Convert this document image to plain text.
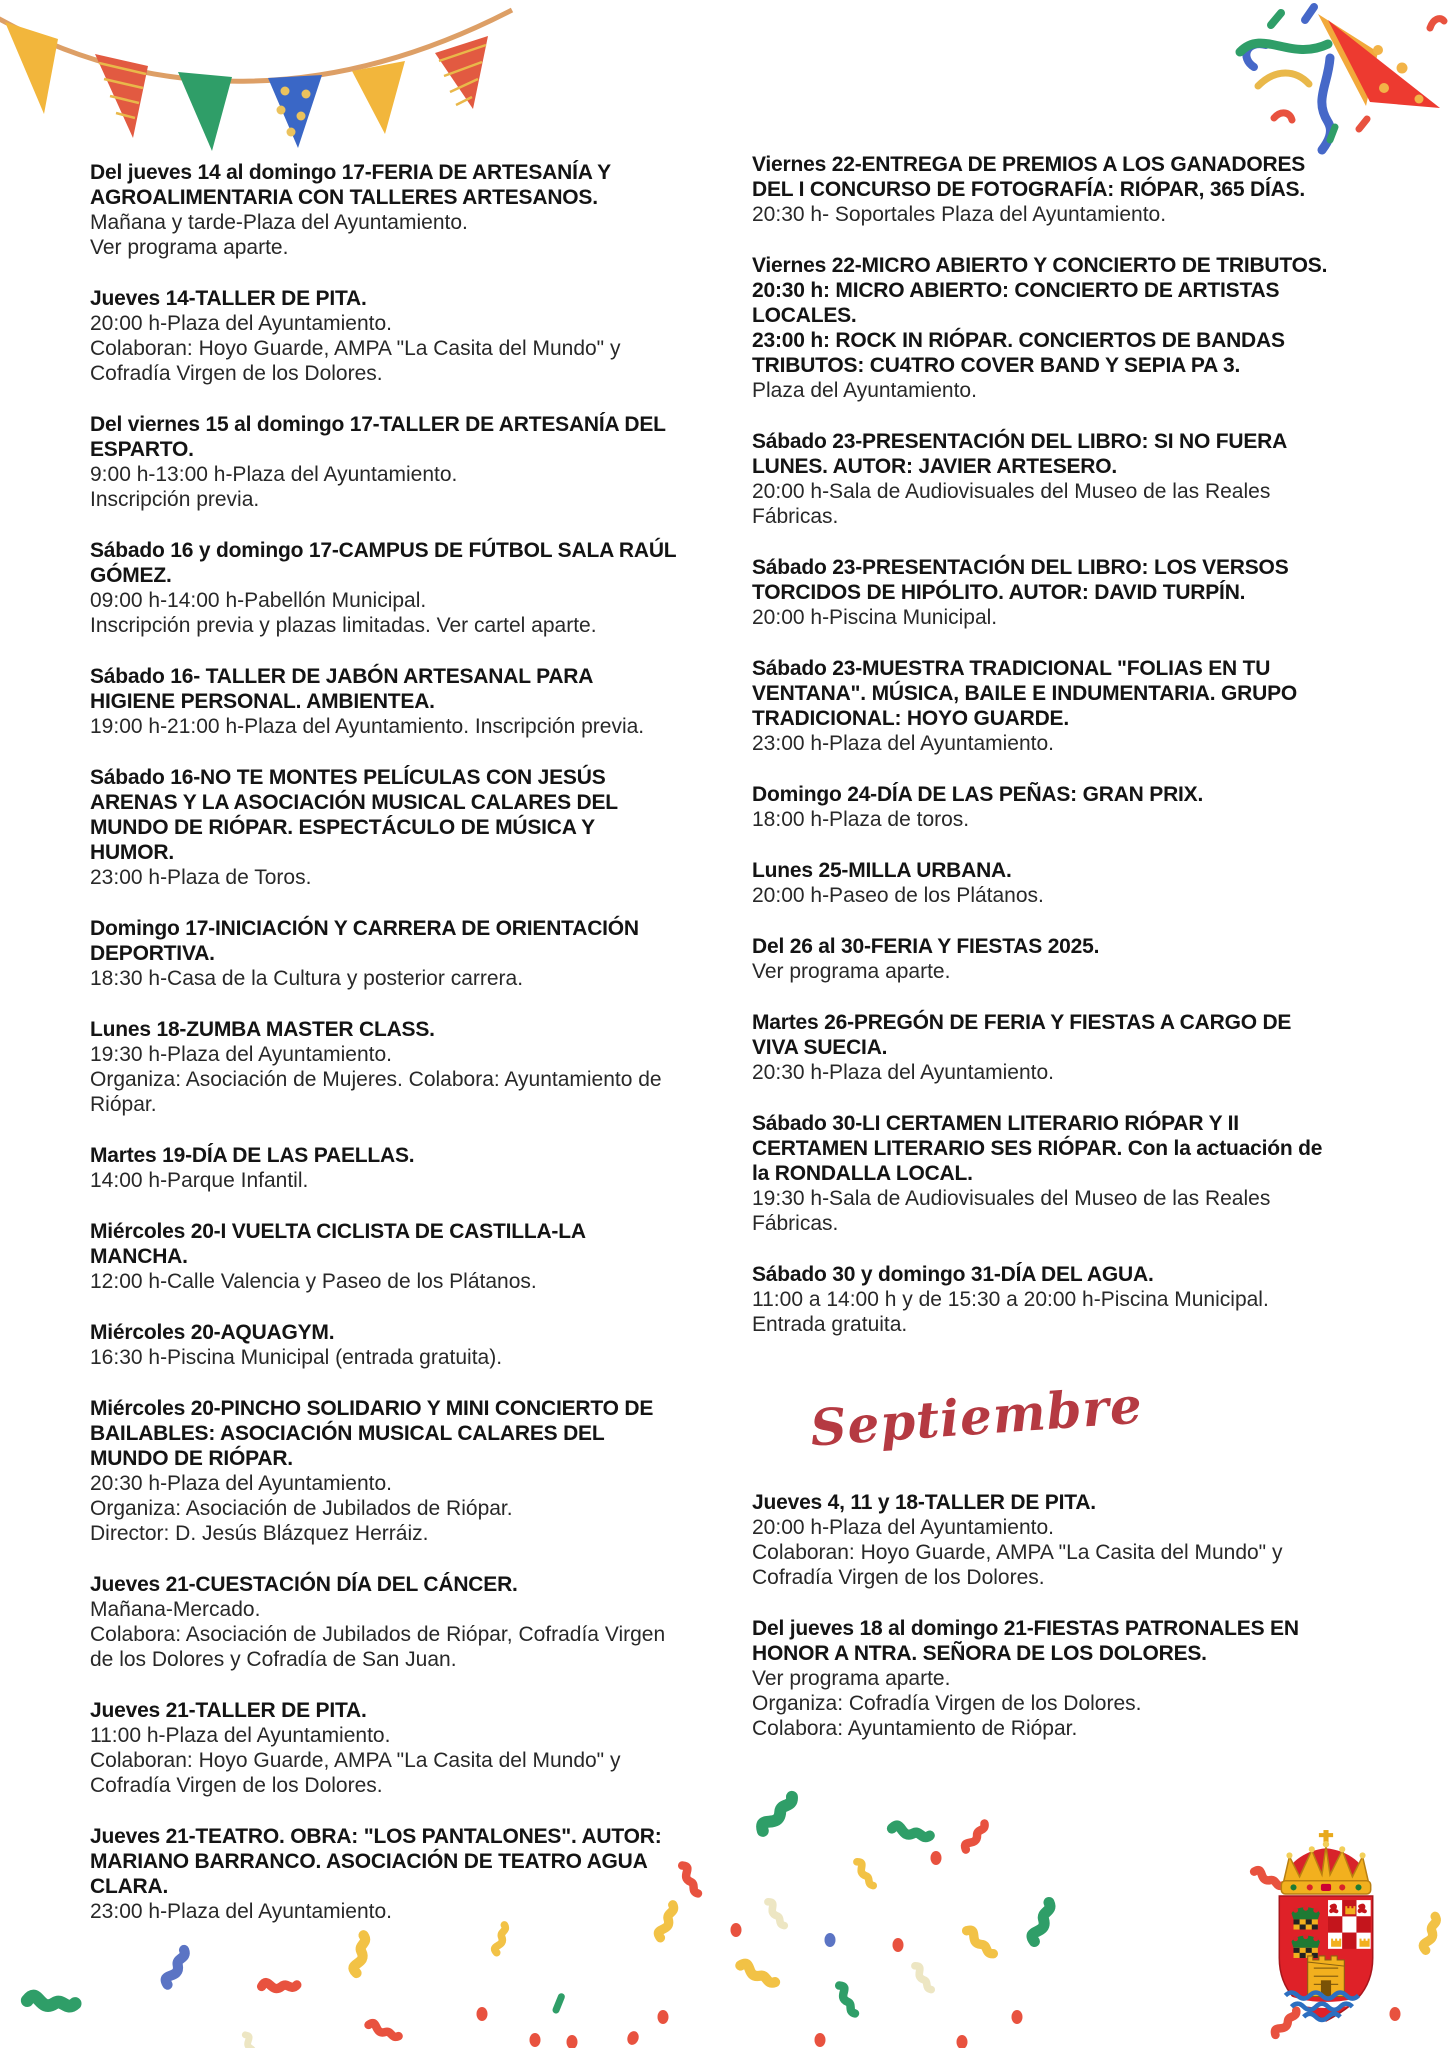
Del jueves 14 al domingo 17-FERIA DE ARTESANÍA Y AGROALIMENTARIA CON TALLERES ARTESANOS.

Mañana y tarde-Plaza del Ayuntamiento.

Ver programa aparte.

Jueves 14-TALLER DE PITA.

20:00 h-Plaza del Ayuntamiento.

Colaboran: Hoyo Guarde, AMPA "La Casita del Mundo" y Cofradía Virgen de los Dolores.

Del viernes 15 al domingo 17-TALLER DE ARTESANÍA DEL ESPARTO.

9:00 h-13:00 h-Plaza del Ayuntamiento.

Inscripción previa.

Sábado 16 y domingo 17-CAMPUS DE FÚTBOL SALA RAÚL GÓMEZ.

09:00 h-14:00 h-Pabellón Municipal.

Inscripción previa y plazas limitadas. Ver cartel aparte.

Sábado 16- TALLER DE JABÓN ARTESANAL PARA HIGIENE PERSONAL. AMBIENTEA.

19:00 h-21:00 h-Plaza del Ayuntamiento. Inscripción previa.

Sábado 16-NO TE MONTES PELÍCULAS CON JESÚS ARENAS Y LA ASOCIACIÓN MUSICAL CALARES DEL MUNDO DE RIÓPAR. ESPECTÁCULO DE MÚSICA Y HUMOR.

23:00 h-Plaza de Toros.

Domingo 17-INICIACIÓN Y CARRERA DE ORIENTACIÓN DEPORTIVA.

18:30 h-Casa de la Cultura y posterior carrera.

Lunes 18-ZUMBA MASTER CLASS.

19:30 h-Plaza del Ayuntamiento.

Organiza: Asociación de Mujeres. Colabora: Ayuntamiento de Riópar.

Martes 19-DÍA DE LAS PAELLAS.

14:00 h-Parque Infantil.

Miércoles 20-I VUELTA CICLISTA DE CASTILLA-LA MANCHA.

12:00 h-Calle Valencia y Paseo de los Plátanos.

Miércoles 20-AQUAGYM.

16:30 h-Piscina Municipal (entrada gratuita).

Miércoles 20-PINCHO SOLIDARIO Y MINI CONCIERTO DE BAILABLES: ASOCIACIÓN MUSICAL CALARES DEL MUNDO DE RIÓPAR.

20:30 h-Plaza del Ayuntamiento.

Organiza: Asociación de Jubilados de Riópar.

Director: D. Jesús Blázquez Herráiz.

Jueves 21-CUESTACIÓN DÍA DEL CÁNCER.

Mañana-Mercado.

Colabora: Asociación de Jubilados de Riópar, Cofradía Virgen de los Dolores y Cofradía de San Juan.

Jueves 21-TALLER DE PITA.

11:00 h-Plaza del Ayuntamiento.

Colaboran: Hoyo Guarde, AMPA "La Casita del Mundo" y Cofradía Virgen de los Dolores.

Jueves 21-TEATRO. OBRA: "LOS PANTALONES". AUTOR: MARIANO BARRANCO. ASOCIACIÓN DE TEATRO AGUA CLARA.

23:00 h-Plaza del Ayuntamiento.

Viernes 22-ENTREGA DE PREMIOS A LOS GANADORES DEL I CONCURSO DE FOTOGRAFÍA: RIÓPAR, 365 DÍAS.

20:30 h- Soportales Plaza del Ayuntamiento.

Viernes 22-MICRO ABIERTO Y CONCIERTO DE TRIBUTOS.

20:30 h: MICRO ABIERTO: CONCIERTO DE ARTISTAS LOCALES.

23:00 h: ROCK IN RIÓPAR. CONCIERTOS DE BANDAS TRIBUTOS: CU4TRO COVER BAND Y SEPIA PA 3.

Plaza del Ayuntamiento.

Sábado 23-PRESENTACIÓN DEL LIBRO: SI NO FUERA LUNES. AUTOR: JAVIER ARTESERO.

20:00 h-Sala de Audiovisuales del Museo de las Reales Fábricas.

Sábado 23-PRESENTACIÓN DEL LIBRO: LOS VERSOS TORCIDOS DE HIPÓLITO. AUTOR: DAVID TURPÍN.

20:00 h-Piscina Municipal.

Sábado 23-MUESTRA TRADICIONAL "FOLIAS EN TU VENTANA". MÚSICA, BAILE E INDUMENTARIA. GRUPO TRADICIONAL: HOYO GUARDE.

23:00 h-Plaza del Ayuntamiento.

Domingo 24-DÍA DE LAS PEÑAS: GRAN PRIX.

18:00 h-Plaza de toros.

Lunes 25-MILLA URBANA.

20:00 h-Paseo de los Plátanos.

Del 26 al 30-FERIA Y FIESTAS 2025.

Ver programa aparte.

Martes 26-PREGÓN DE FERIA Y FIESTAS A CARGO DE VIVA SUECIA.

20:30 h-Plaza del Ayuntamiento.

Sábado 30-LI CERTAMEN LITERARIO RIÓPAR Y II CERTAMEN LITERARIO SES RIÓPAR. Con la actuación de la RONDALLA LOCAL.

19:30 h-Sala de Audiovisuales del Museo de las Reales Fábricas.

Sábado 30 y domingo 31-DÍA DEL AGUA.

11:00 a 14:00 h y de 15:30 a 20:00 h-Piscina Municipal.

Entrada gratuita.

Septiembre

Jueves 4, 11 y 18-TALLER DE PITA.

20:00 h-Plaza del Ayuntamiento.

Colaboran: Hoyo Guarde, AMPA "La Casita del Mundo" y Cofradía Virgen de los Dolores.

Del jueves 18 al domingo 21-FIESTAS PATRONALES EN HONOR A NTRA. SEÑORA DE LOS DOLORES.

Ver programa aparte.

Organiza: Cofradía Virgen de los Dolores.

Colabora: Ayuntamiento de Riópar.
